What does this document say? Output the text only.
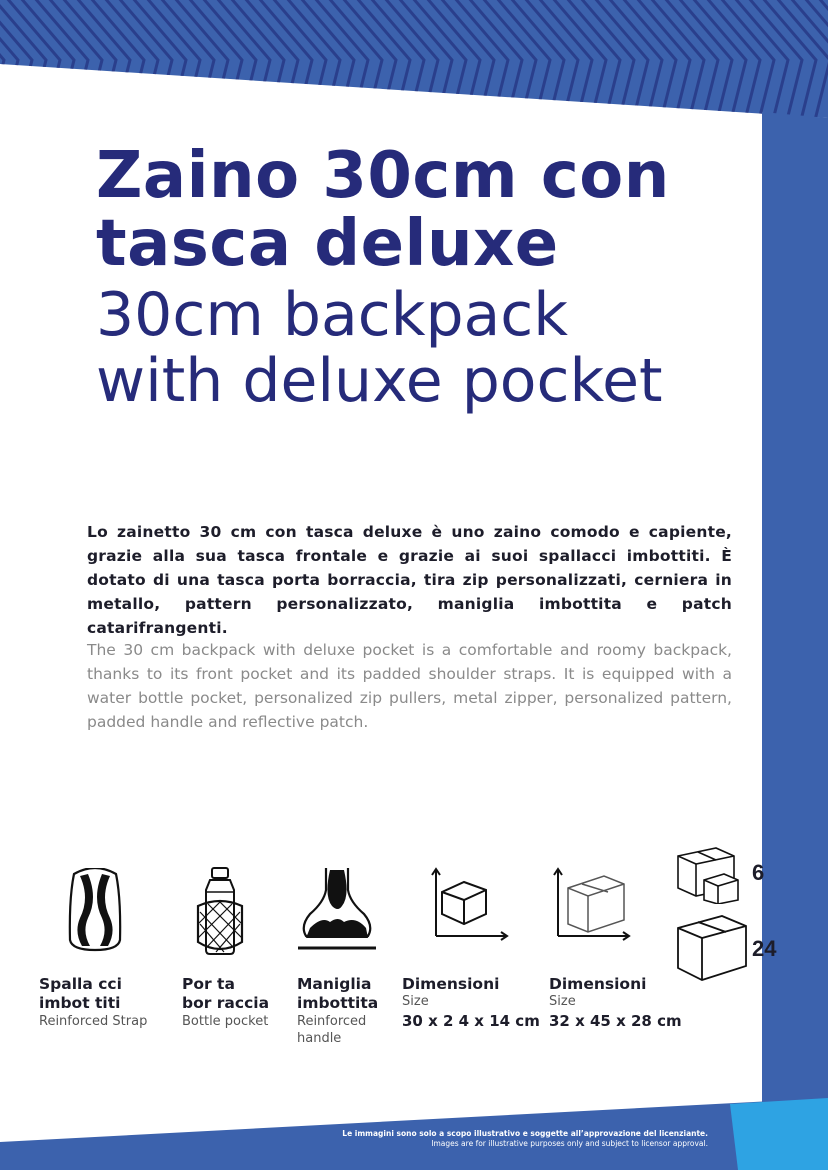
Zaino 30cm con
tasca deluxe
30cm backpack
with deluxe pocket

Lo zainetto 30 cm con tasca deluxe è uno zaino comodo e capiente, grazie alla sua tasca frontale e grazie ai suoi spallacci imbottiti. È dotato di una tasca porta borraccia, tira zip personalizzati, cerniera in metallo, pattern personalizzato, maniglia imbottita e patch catarifrangenti.

The 30 cm backpack with deluxe pocket is a comfortable and roomy backpack, thanks to its front pocket and its padded shoulder straps. It is equipped with a water bottle pocket, personalized zip pullers, metal zipper, personalized pattern, padded handle and reflective patch.

6
24
Spalla cci
imbot titi
Reinforced Strap
Por ta
bor raccia
Bottle pocket
Maniglia
imbottita
Reinforced
handle
Dimensioni
Size
30 x 2 4 x 14 cm
Dimensioni
Size
32 x 45 x 28 cm
Le immagini sono solo a scopo illustrativo e soggette all’approvazione del licenziante.
Images are for illustrative purposes only and subject to licensor approval.
